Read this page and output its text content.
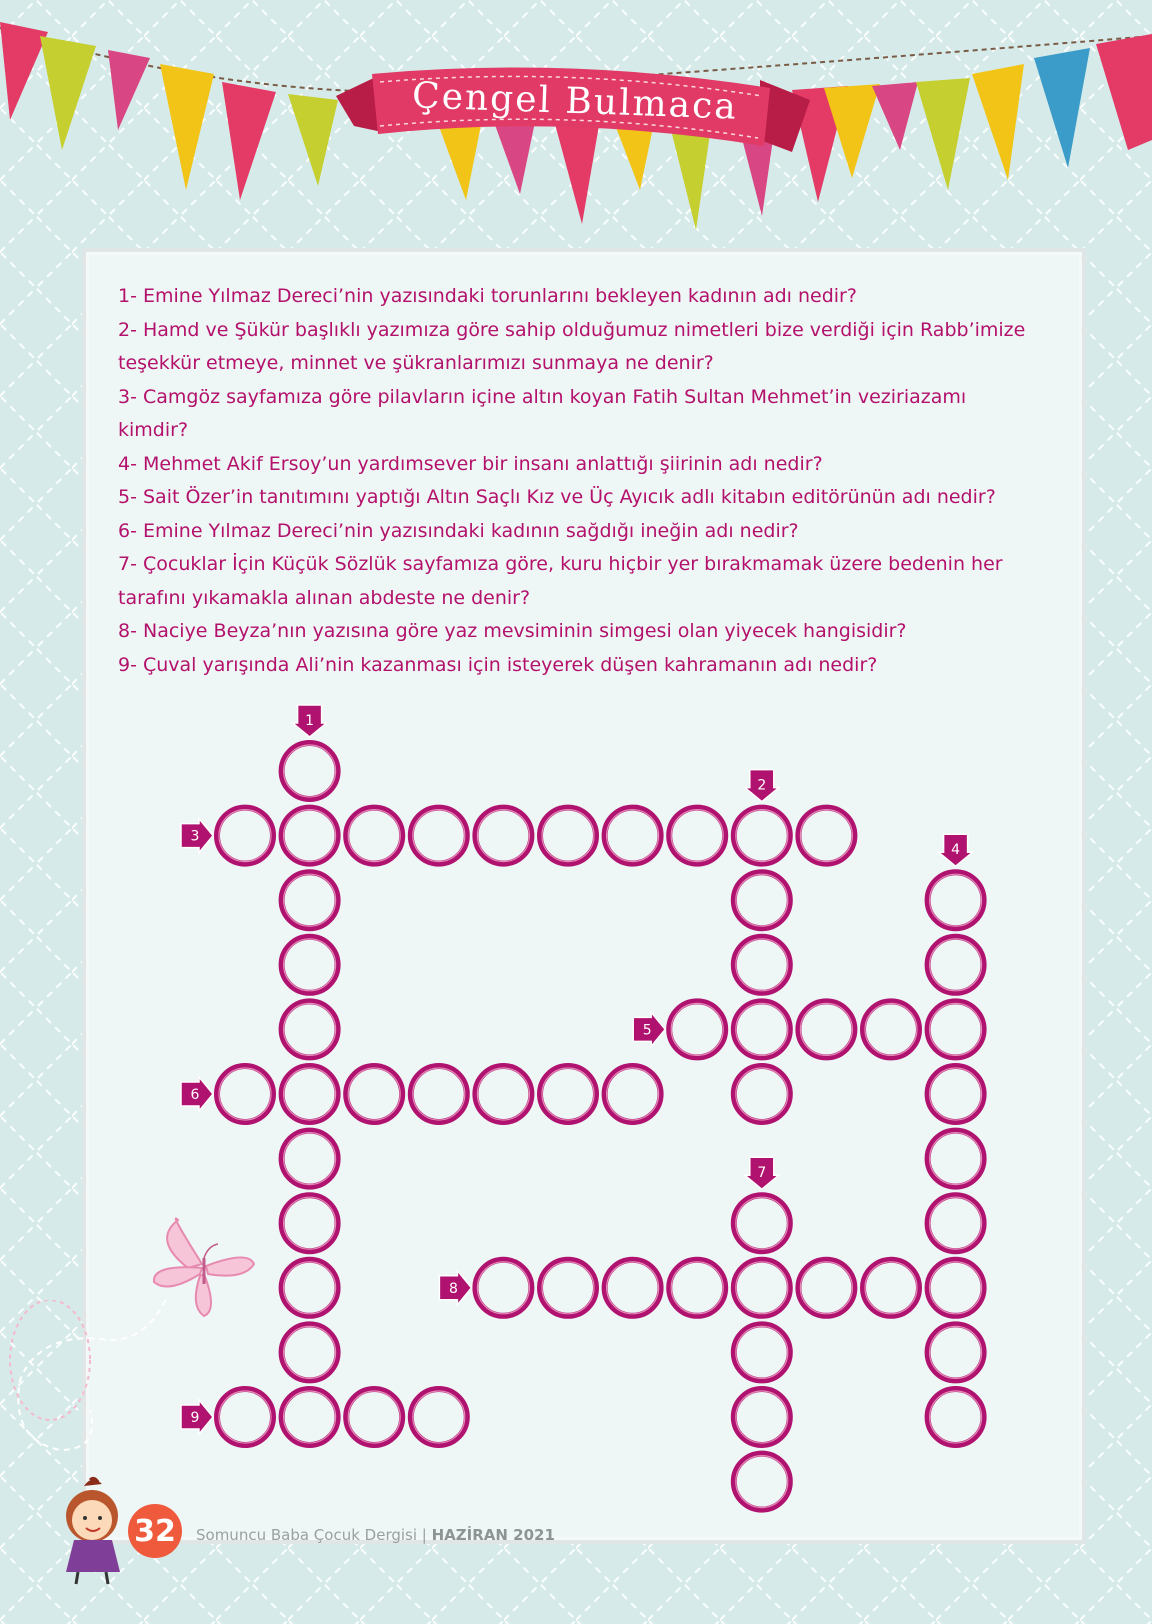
Çengel Bulmaca

1- Emine Yılmaz Dereci’nin yazısındaki torunlarını bekleyen kadının adı nedir?

2- Hamd ve Şükür başlıklı yazımıza göre sahip olduğumuz nimetleri bize verdiği için Rabb’imize teşekkür etmeye, minnet ve şükranlarımızı sunmaya ne denir?

3- Camgöz sayfamıza göre pilavların içine altın koyan Fatih Sultan Mehmet’in veziriazamı kimdir?

4- Mehmet Akif Ersoy’un yardımsever bir insanı anlattığı şiirinin adı nedir?

5- Sait Özer’in tanıtımını yaptığı Altın Saçlı Kız ve Üç Ayıcık adlı kitabın editörünün adı nedir?

6- Emine Yılmaz Dereci’nin yazısındaki kadının sağdığı ineğin adı nedir?

7- Çocuklar İçin Küçük Sözlük sayfamıza göre, kuru hiçbir yer bırakmamak üzere bedenin her tarafını yıkamakla alınan abdeste ne denir?

8- Naciye Beyza’nın yazısına göre yaz mevsiminin simgesi olan yiyecek hangisidir?

9- Çuval yarışında Ali’nin kazanması için isteyerek düşen kahramanın adı nedir?

1
2
3
4
5
6
7
8
9
32	Somuncu Baba Çocuk Dergisi | HAZİRAN 2021
